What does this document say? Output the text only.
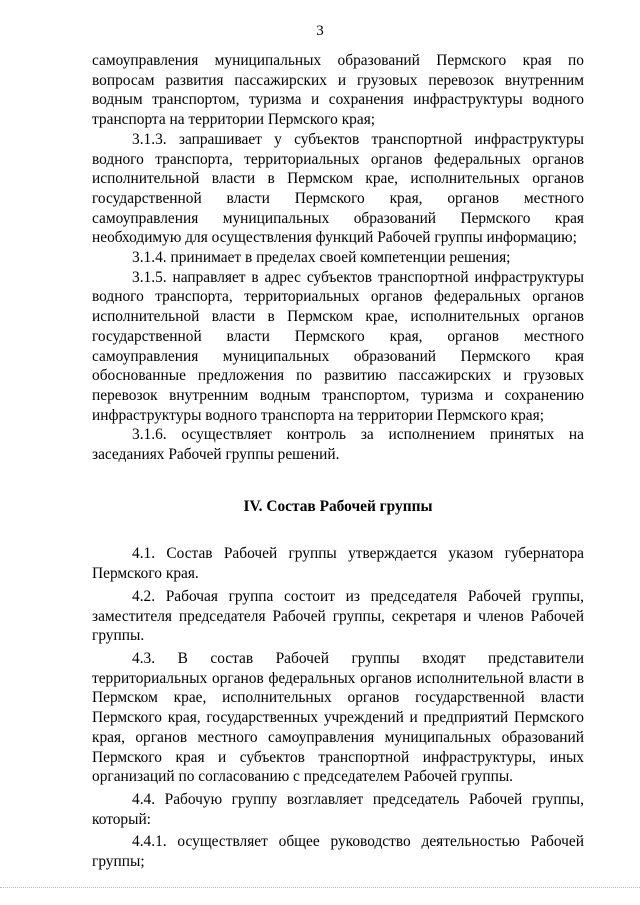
3

самоуправления муниципальных образований Пермского края по вопросам развития пассажирских и грузовых перевозок внутренним водным транспортом, туризма и сохранения инфраструктуры водного транспорта на территории Пермского края;

3.1.3. запрашивает у субъектов транспортной инфраструктуры водного транспорта, территориальных органов федеральных органов исполнительной власти в Пермском крае, исполнительных органов государственной власти Пермского края, органов местного самоуправления муниципальных образований Пермского края необходимую для осуществления функций Рабочей группы информацию;

3.1.4. принимает в пределах своей компетенции решения;

3.1.5. направляет в адрес субъектов транспортной инфраструктуры водного транспорта, территориальных органов федеральных органов исполнительной власти в Пермском крае, исполнительных органов государственной власти Пермского края, органов местного самоуправления муниципальных образований Пермского края обоснованные предложения по развитию пассажирских и грузовых перевозок внутренним водным транспортом, туризма и сохранению инфраструктуры водного транспорта на территории Пермского края;

3.1.6. осуществляет контроль за исполнением принятых на заседаниях Рабочей группы решений.

IV. Состав Рабочей группы

4.1. Состав Рабочей группы утверждается указом губернатора Пермского края.

4.2. Рабочая группа состоит из председателя Рабочей группы, заместителя председателя Рабочей группы, секретаря и членов Рабочей группы.

4.3. В состав Рабочей группы входят представители территориальных органов федеральных органов исполнительной власти в Пермском крае, исполнительных органов государственной власти Пермского края, государственных учреждений и предприятий Пермского края, органов местного самоуправления муниципальных образований Пермского края и субъектов транспортной инфраструктуры, иных организаций по согласованию с председателем Рабочей группы.

4.4. Рабочую группу возглавляет председатель Рабочей группы, который:

4.4.1. осуществляет общее руководство деятельностью Рабочей группы;
